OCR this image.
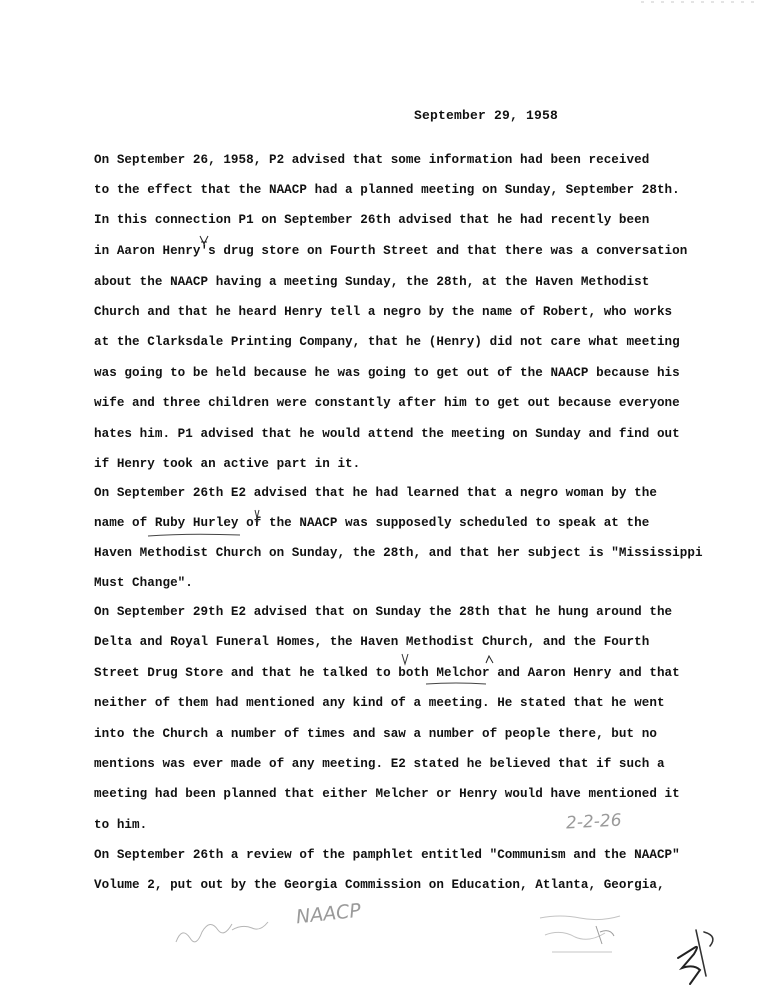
September 29, 1958
On September 26, 1958, P2 advised that some information had been received
to the effect that the NAACP had a planned meeting on Sunday, September 28th.
In this connection P1 on September 26th advised that he had recently been
in Aaron Henry's drug store on Fourth Street and that there was a conversation
about the NAACP having a meeting Sunday, the 28th, at the Haven Methodist
Church and that he heard Henry tell a negro by the name of Robert, who works
at the Clarksdale Printing Company, that he (Henry) did not care what meeting
was going to be held because he was going to get out of the NAACP because his
wife and three children were constantly after him to get out because everyone
hates him. P1 advised that he would attend the meeting on Sunday and find out
if Henry took an active part in it.
On September 26th E2 advised that he had learned that a negro woman by the
name of Ruby Hurley of the NAACP was supposedly scheduled to speak at the
Haven Methodist Church on Sunday, the 28th, and that her subject is "Mississippi
Must Change".
On September 29th E2 advised that on Sunday the 28th that he hung around the
Delta and Royal Funeral Homes, the Haven Methodist Church, and the Fourth
Street Drug Store and that he talked to both Melchor and Aaron Henry and that
neither of them had mentioned any kind of a meeting. He stated that he went
into the Church a number of times and saw a number of people there, but no
mentions was ever made of any meeting. E2 stated he believed that if such a
meeting had been planned that either Melcher or Henry would have mentioned it
to him.
On September 26th a review of the pamphlet entitled "Communism and the NAACP"
Volume 2, put out by the Georgia Commission on Education, Atlanta, Georgia,
2-2-26
NAACP
